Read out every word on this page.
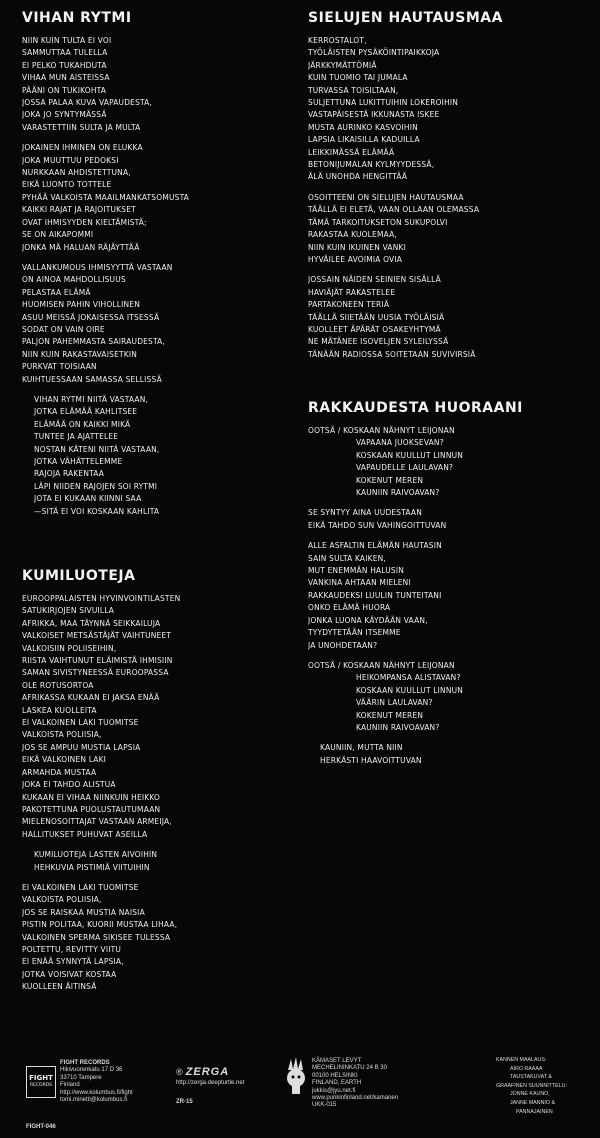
VIHAN RYTMI
NIIN KUIN TULTA EI VOI
SAMMUTTAA TULELLA
EI PELKO TUKAHDUTA
VIHAA MUN AISTEISSA
PÄÄNI ON TUKIKOHTA
JOSSA PALAA KUVA VAPAUDESTA,
JOKA JO SYNTYMÄSSÄ
VARASTETTIIN SULTA JA MULTA
JOKAINEN IHMINEN ON ELUKKA
JOKA MUUTTUU PEDOKSI
NURKKAAN AHDISTETTUNA,
EIKÄ LUONTO TOTTELE
PYHÄÄ VALKOISTA MAAILMANKATSOMUSTA
KAIKKI RAJAT JA RAJOITUKSET
OVAT IHMISYYDEN KIELTÄMISTÄ;
SE ON AIKAPOMMI
JONKA MÄ HALUAN RÄJÄYTTÄÄ
VALLANKUMOUS IHMISYYTTÄ VASTAAN
ON AINOA MAHDOLLISUUS
PELASTAA ELÄMÄ
HUOMISEN PAHIN VIHOLLINEN
ASUU MEISSÄ JOKAISESSA ITSESSÄ
SODAT ON VAIN OIRE
PALJON PAHEMMASTA SAIRAUDESTA,
NIIN KUIN RAKASTAVAISETKIN
PURKVAT TOISIAAN
KUIHTUESSAAN SAMASSA SELLISSÄ
VIHAN RYTMI NIITÄ VASTAAN,
JOTKA ELÄMÄÄ KAHLITSEE
ELÄMÄÄ ON KAIKKI MIKÄ
TUNTEE JA AJATTELEE
NOSTAN KÄTENI NIITÄ VASTAAN,
JOTKA VÄHÄTTELEMME
RAJOJA RAKENTAA
LÄPI NIIDEN RAJOJEN SOI RYTMI
JOTA EI KUKAAN KIINNI SAA
—SITÄ EI VOI KOSKAAN KAHLITA
KUMILUOTEJA
EUROOPPALAISTEN HYVINVOINTILASTEN
SATUKIRJOJEN SIVUILLA
AFRIKKA, MAA TÄYNNÄ SEIKKAILUJA
VALKOISET METSÄSTÄJÄT VAIHTUNEET
VALKOISIIN POLIISEIHIN,
RIISTA VAIHTUNUT ELÄIMISTÄ IHMISIIN
SAMAN SIVISTYNEESSÄ EUROOPASSA
OLE ROTUSORTOA
AFRIKASSA KUKAAN EI JAKSA ENÄÄ
LASKEA KUOLLEITA
EI VALKOINEN LAKI TUOMITSE
VALKOISTA POLIISIA,
JOS SE AMPUU MUSTIA LAPSIA
EIKÄ VALKOINEN LAKI
ARMAHDA MUSTAA
JOKA EI TAHDO ALISTUA
KUKAAN EI VIHAA NIINKUIN HEIKKO
PAKOTETTUNA PUOLUSTAUTUMAAN
MIELENOSOITTAJAT VASTAAN ARMEIJA,
HALLITUKSET PUHUVAT ASEILLA
KUMILUOTEJA LASTEN AIVOIHIN
HEHKUVIA PISTIMIÄ VIITUIHIN
EI VALKOINEN LAKI TUOMITSE
VALKOISTA POLIISIA,
JOS SE RAISKAA MUSTIA NAISIA
PISTIN POLITAA, KUORII MUSTAA LIHAA,
VALKOINEN SPERMA SIKISEE TULESSA
POLTETTU, REVITTY VIITU
EI ENÄÄ SYNNYTÄ LAPSIA,
JOTKA VOISIVAT KOSTAA
KUOLLEEN ÄITINSÄ
SIELUJEN HAUTAUSMAA
KERROSTALOT,
TYÖLÄISTEN PYSÄKÖINTIPAIKKOJA
JÄRKKYMÄTTÖMIÄ
KUIN TUOMIO TAI JUMALA
TURVASSA TOISILTAAN,
SULJETTUNA LUKITTUIHIN LOKEROIHIN
VASTAPÄISESTÄ IKKUNASTA ISKEE
MUSTA AURINKO KASVOIHIN
LAPSIA LIKAISILLA KADUILLA
LEIKKIMÄSSÄ ELÄMÄÄ
BETONIJUMALAN KYLMYYDESSÄ,
ÄLÄ UNOHDA HENGITTÄÄ
OSOITTEENI ON SIELUJEN HAUTAUSMAA
TÄÄLLÄ EI ELETÄ, VAAN OLLAAN OLEMASSA
TÄMÄ TARKOITUKSETON SUKUPOLVI
RAKASTAA KUOLEMAA,
NIIN KUIN IKUINEN VANKI
HYVÄILEE AVOIMIA OVIA
JOSSAIN NÄIDEN SEINIEN SISÄLLÄ
HAVIÄJÄT RAKASTELEE
PARTAKONEEN TERIÄ
TÄÄLLÄ SIIETÄÄN UUSIA TYÖLÄISIÄ
KUOLLEET ÄPÄRÄT OSAKEYHTYMÄ
NE MÄTÄNEE ISOVELJEN SYLEILYSSÄ
TÄNÄÄN RADIOSSA SOITETAAN SUVIVIRSIÄ
RAKKAUDESTA HUORAANI
OOTSÄ / KOSKAAN NÄHNYT LEIJONAN
VAPAANA JUOKSEVAN?
KOSKAAN KUULLUT LINNUN
VAPAUDELLE LAULAVAN?
KOKENUT MEREN
KAUNIIN RAIVOAVAN?
SE SYNTYY AINA UUDESTAAN
EIKÄ TAHDO SUN VAHINGOITTUVAN
ALLE ASFALTIN ELÄMÄN HAUTASIN
SAIN SULTA KAIKEN,
MUT ENEMMÄN HALUSIN
VANKINA AHTAAN MIELENI
RAKKAUDEKSI LUULIN TUNTEITANI
ONKO ELÄMÄ HUORA
JONKA LUONA KÄYDÄÄN VAAN,
TYYDYTETÄÄN ITSEMME
JA UNOHDETAAN?
OOTSÄ / KOSKAAN NÄHNYT LEIJONAN
HEIKOMPANSA ALISTAVAN?
KOSKAAN KUULLUT LINNUN
VÄÄRIN LAULAVAN?
KOKENUT MEREN
KAUNIIN RAIVOAVAN?
KAUNIIN, MUTTA NIIN
HERKÄSTI HAAVOITTUVAN
FIGHT
RECORDS
FIGHT RECORDS
Hikivuorenkatu 17 D 36
33710 Tampere
Finland
http://www.kolumbus.fi/fight
tomi.minetti@kolumbus.fi
FIGHT-046
® ZERGA
http://zerga.deepturtle.net
ZR-15
KÄMASET LEVYT
MECHELININKATU 24 B 30
00100 HELSINKI
FINLAND, EARTH
jukkis@jyu.net.fi
www.punkinfinland.net/kamanen
UKK-015
KANNEN MAALAUS:
AIRO RAAAA
TAUSTAKUVAT &
GRAAFINEN SUUNNITTELU:
JONNE KAUNO,
JANNE MANNIO &
PANNAJAINEN
